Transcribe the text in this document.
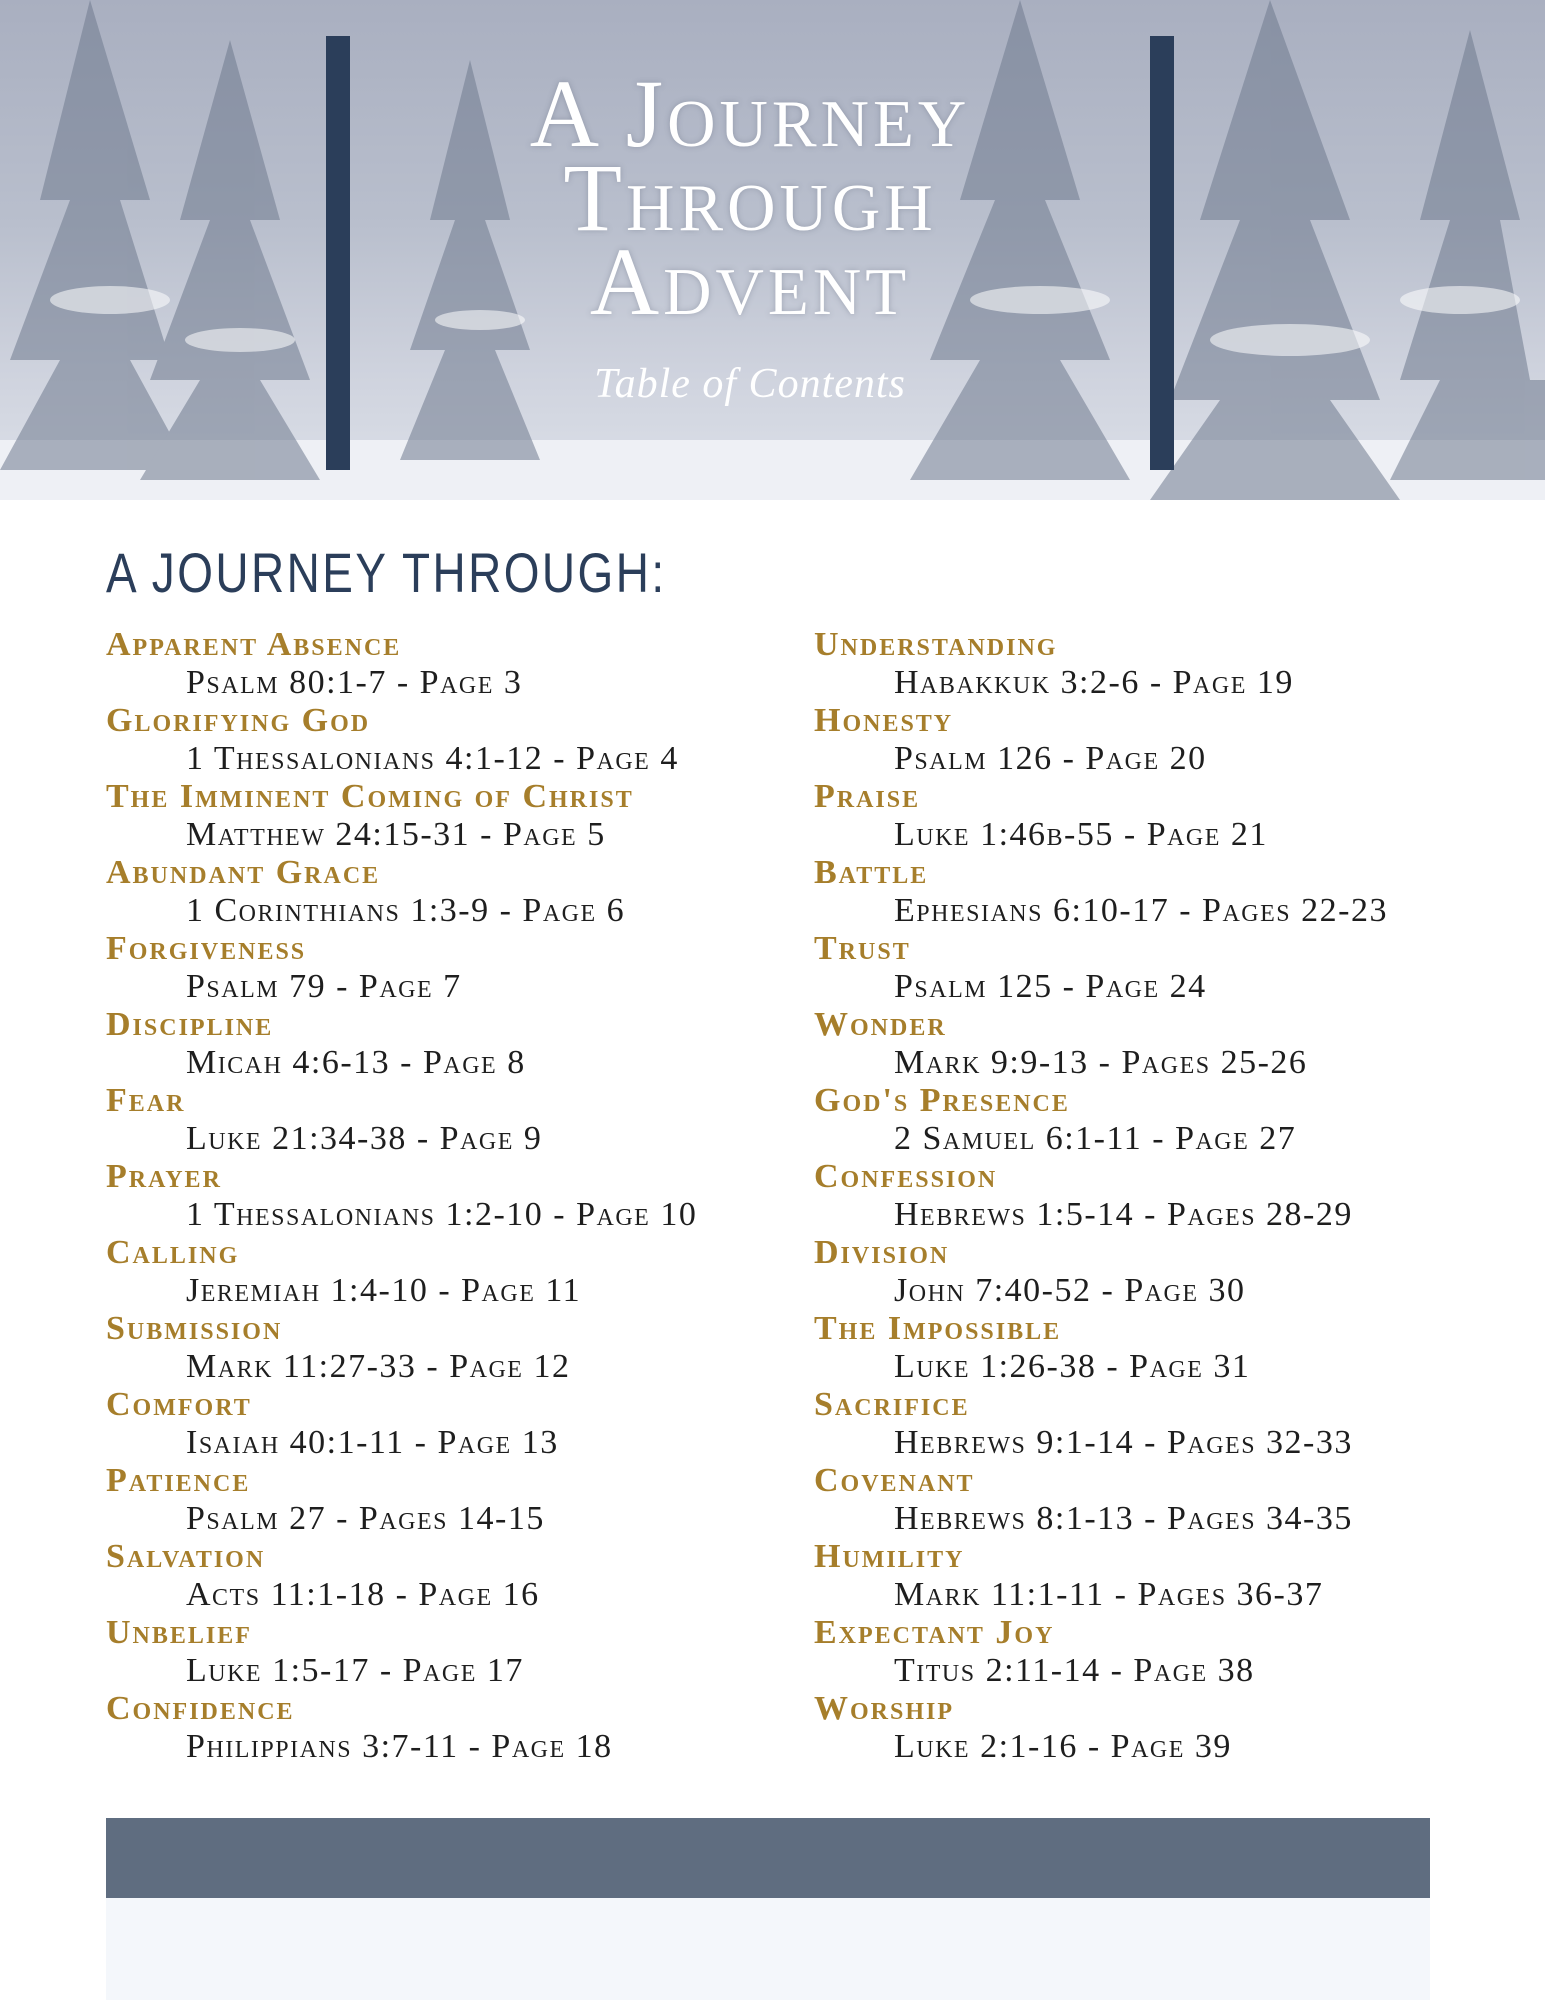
A Journey
Through
Advent
Table of Contents
A JOURNEY THROUGH:
Apparent Absence
Psalm 80:1-7 - Page 3
Glorifying God
1 Thessalonians 4:1-12 - Page 4
The Imminent Coming of Christ
Matthew 24:15-31 - Page 5
Abundant Grace
1 Corinthians 1:3-9 - Page 6
Forgiveness
Psalm 79 - Page 7
Discipline
Micah 4:6-13 - Page 8
Fear
Luke 21:34-38 - Page 9
Prayer
1 Thessalonians 1:2-10 - Page 10
Calling
Jeremiah 1:4-10 - Page 11
Submission
Mark 11:27-33 - Page 12
Comfort
Isaiah 40:1-11 - Page 13
Patience
Psalm 27 - Pages 14-15
Salvation
Acts 11:1-18 - Page 16
Unbelief
Luke 1:5-17 - Page 17
Confidence
Philippians 3:7-11 - Page 18
Understanding
Habakkuk 3:2-6 - Page 19
Honesty
Psalm 126 - Page 20
Praise
Luke 1:46b-55 - Page 21
Battle
Ephesians 6:10-17 - Pages 22-23
Trust
Psalm 125 - Page 24
Wonder
Mark 9:9-13 - Pages 25-26
God's Presence
2 Samuel 6:1-11 - Page 27
Confession
Hebrews 1:5-14 - Pages 28-29
Division
John 7:40-52 - Page 30
The Impossible
Luke 1:26-38 - Page 31
Sacrifice
Hebrews 9:1-14 - Pages 32-33
Covenant
Hebrews 8:1-13 - Pages 34-35
Humility
Mark 11:1-11 - Pages 36-37
Expectant Joy
Titus 2:11-14 - Page 38
Worship
Luke 2:1-16 - Page 39
